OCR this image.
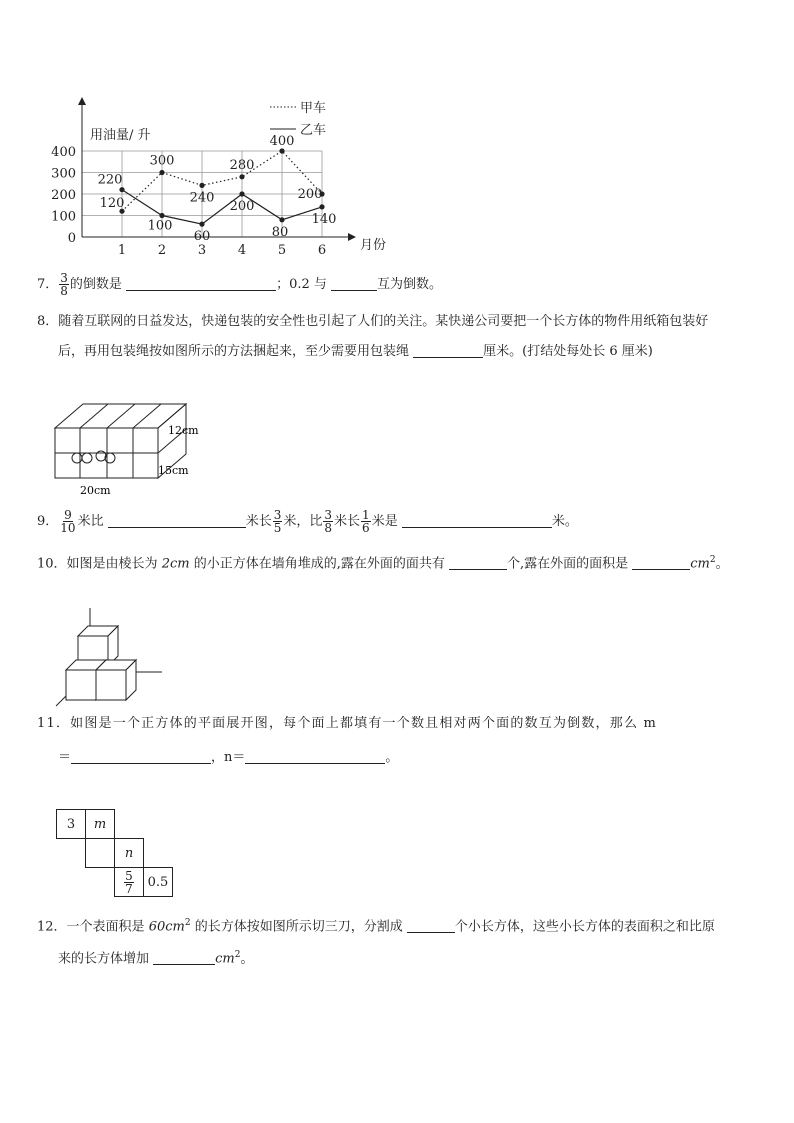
0
100
200
300
400
1 2 3 4 5 6
用油量/ 升
月份
甲车
乙车
120
300
240
280
400
200
220
100
60
200
80
140
7． $\frac{3}{8}$ 的倒数是	；0.2 与	互为倒数。
8．随着互联网的日益发达，快递包装的安全性也引起了人们的关注。某快递公司要把一个长方体的物件用纸箱包装好
后，再用包装绳按如图所示的方法捆起来，至少需要用包装绳	厘米。(打结处每处长 6 厘米)
12cm
15cm
20cm
9． $\frac{9}{10}$ 米比	米长 $\frac{3}{5}$ 米，比 $\frac{3}{8}$ 米长 $\frac{1}{6}$ 米是	米。
10．如图是由棱长为 2cm 的小正方体在墙角堆成的,露在外面的面共有	个,露在外面的面积是	$cm^2$。
11．如图是一个正方体的平面展开图，每个面上都填有一个数且相对两个面的数互为倒数，那么 m
＝	，n＝	。
3	m		
		n	

		$\frac{5}{7}$	0.5
12．一个表面积是 $60cm^2$ 的长方体按如图所示切三刀，分割成	个小长方体，这些小长方体的表面积之和比原
来的长方体增加	$cm^2$。
